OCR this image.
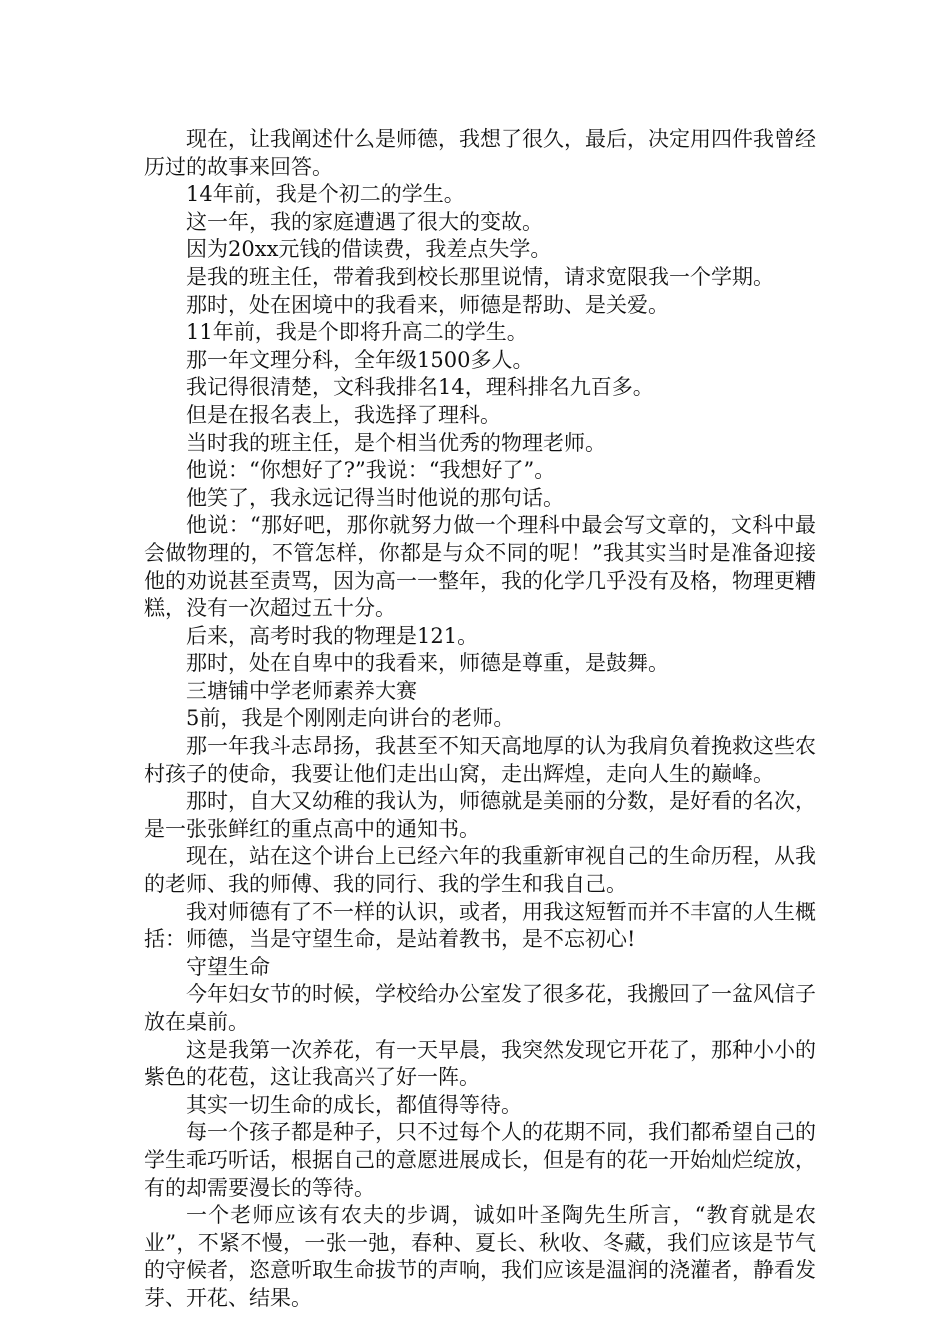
现在，让我阐述什么是师德，我想了很久，最后，决定用四件我曾经历过的故事来回答。

14年前，我是个初二的学生。

这一年，我的家庭遭遇了很大的变故。

因为20xx元钱的借读费，我差点失学。

是我的班主任，带着我到校长那里说情，请求宽限我一个学期。

那时，处在困境中的我看来，师德是帮助、是关爱。

11年前，我是个即将升高二的学生。

那一年文理分科，全年级1500多人。

我记得很清楚，文科我排名14，理科排名九百多。

但是在报名表上，我选择了理科。

当时我的班主任，是个相当优秀的物理老师。

他说：“你想好了?”我说：“我想好了”。

他笑了，我永远记得当时他说的那句话。

他说：“那好吧，那你就努力做一个理科中最会写文章的，文科中最会做物理的，不管怎样，你都是与众不同的呢！”我其实当时是准备迎接他的劝说甚至责骂，因为高一一整年，我的化学几乎没有及格，物理更糟糕，没有一次超过五十分。

后来，高考时我的物理是121。

那时，处在自卑中的我看来，师德是尊重，是鼓舞。

三塘铺中学老师素养大赛

5前，我是个刚刚走向讲台的老师。

那一年我斗志昂扬，我甚至不知天高地厚的认为我肩负着挽救这些农村孩子的使命，我要让他们走出山窝，走出辉煌，走向人生的巅峰。

那时，自大又幼稚的我认为，师德就是美丽的分数，是好看的名次，是一张张鲜红的重点高中的通知书。

现在，站在这个讲台上已经六年的我重新审视自己的生命历程，从我的老师、我的师傅、我的同行、我的学生和我自己。

我对师德有了不一样的认识，或者，用我这短暂而并不丰富的人生概括：师德，当是守望生命，是站着教书，是不忘初心!

守望生命

今年妇女节的时候，学校给办公室发了很多花，我搬回了一盆风信子放在桌前。

这是我第一次养花，有一天早晨，我突然发现它开花了，那种小小的紫色的花苞，这让我高兴了好一阵。

其实一切生命的成长，都值得等待。

每一个孩子都是种子，只不过每个人的花期不同，我们都希望自己的学生乖巧听话，根据自己的意愿进展成长，但是有的花一开始灿烂绽放，有的却需要漫长的等待。

一个老师应该有农夫的步调，诚如叶圣陶先生所言，“教育就是农业”，不紧不慢，一张一弛，春种、夏长、秋收、冬藏，我们应该是节气的守候者，恣意听取生命拔节的声响，我们应该是温润的浇灌者，静看发芽、开花、结果。
